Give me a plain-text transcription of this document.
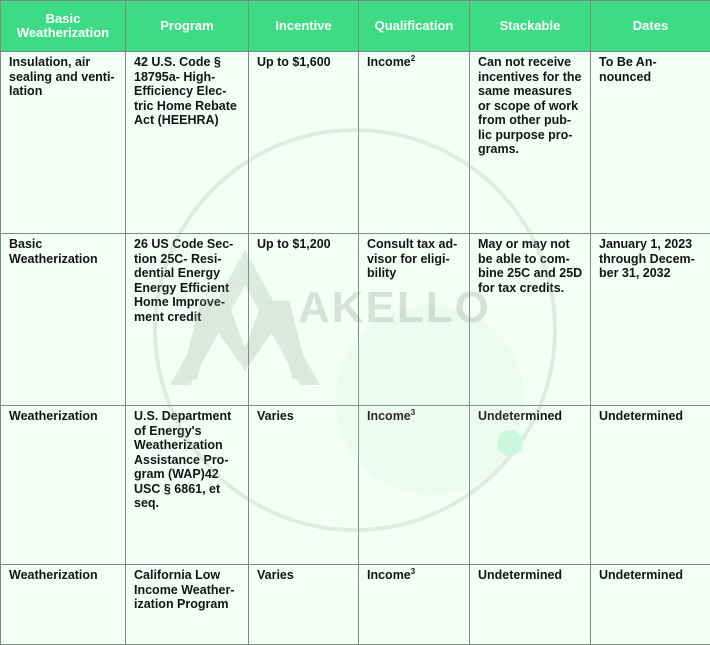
Basic Weatherization	Program	Incentive	Qualification	Stackable	Dates
Insulation, air sealing and venti-lation	42 U.S. Code § 18795a- High-Efficiency Elec-tric Home Rebate Act (HEEHRA)	Up to $1,600	Income$^2$	Can not receive incentives for the same measures or scope of work from other pub-lic purpose pro-grams.	To Be An-nounced
Basic Weatherization	26 US Code Sec-tion 25C- Resi-dential Energy Energy Efficient Home Improve-ment credit	Up to $1,200	Consult tax ad-visor for eligi-bility	May or may not be able to com-bine 25C and 25D for tax credits.	January 1, 2023 through Decem-ber 31, 2032
Weatherization	U.S. Department of Energy's Weatherization Assistance Pro-gram (WAP)42 USC § 6861, et seq.	Varies	Income$^3$	Undetermined	Undetermined
Weatherization	California Low Income Weather-ization Program	Varies	Income$^3$	Undetermined	Undetermined
AKELLO
